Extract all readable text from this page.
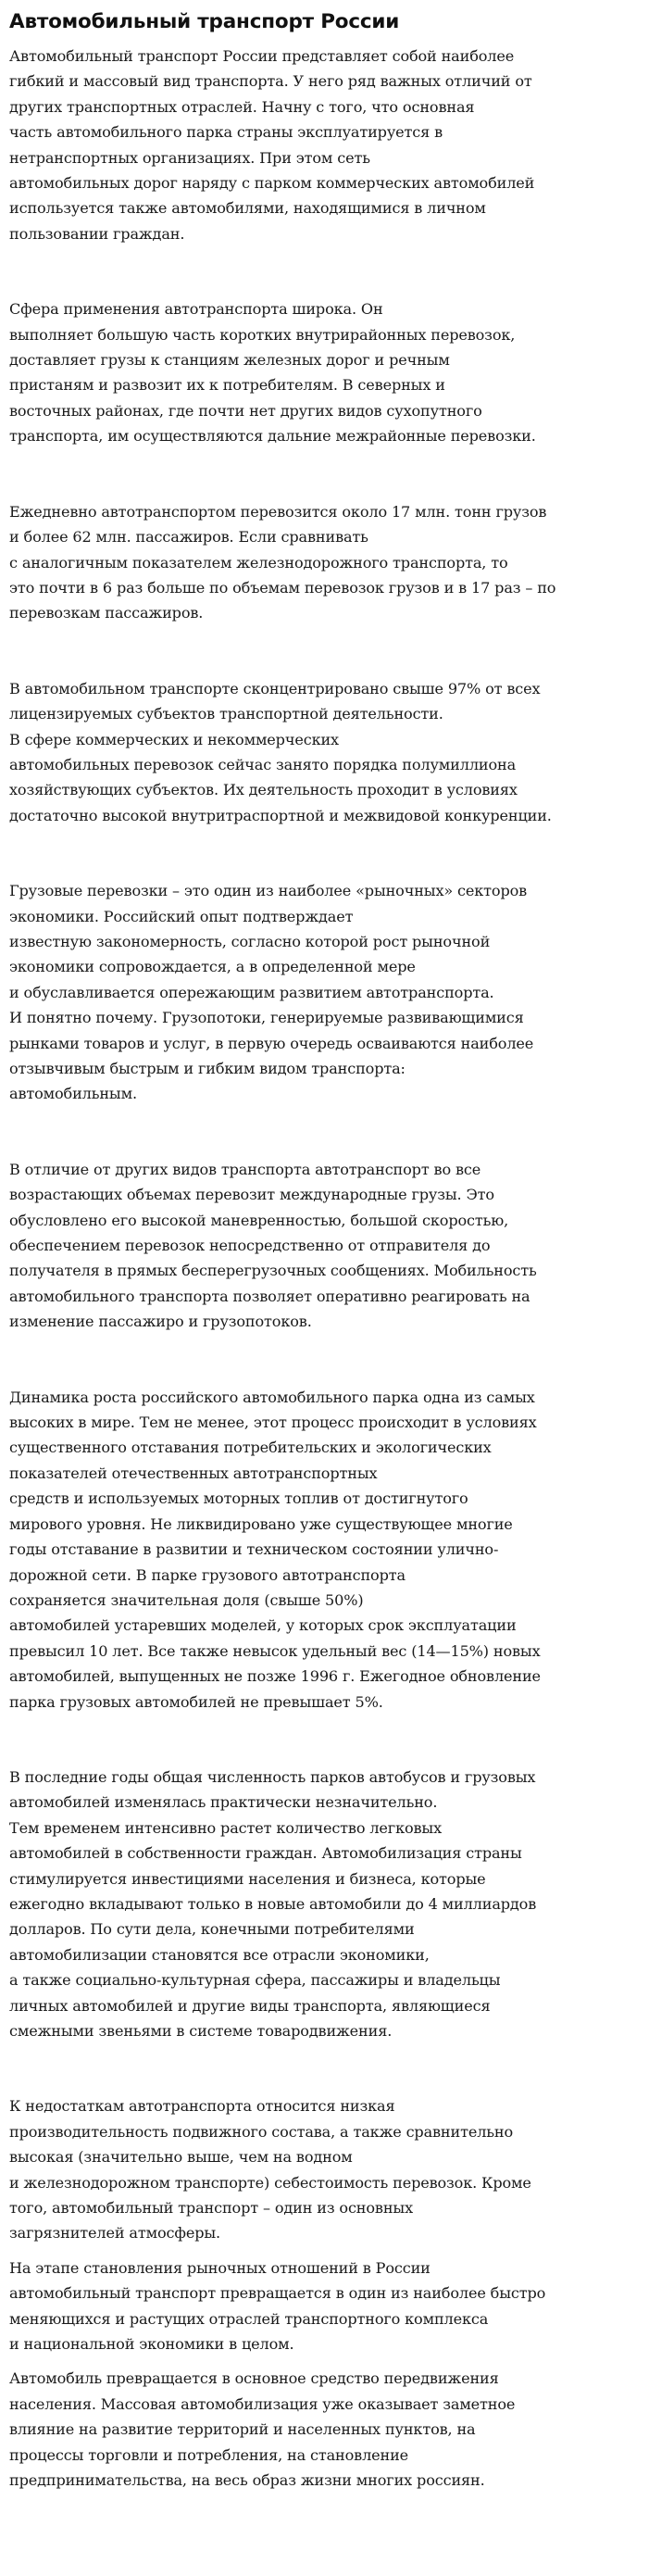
Автомобильный транспорт России

Автомобильный транспорт России представляет собой наиболее
гибкий и массовый вид транспорта. У него ряд важных отличий от
других транспортных отраслей. Начну с того, что основная
часть автомобильного парка страны эксплуатируется в
нетранспортных организациях. При этом сеть
автомобильных дорог наряду с парком коммерческих автомобилей
используется также автомобилями, находящимися в личном
пользовании граждан.

Сфера применения автотранспорта широка. Он
выполняет большую часть коротких внутрирайонных перевозок,
доставляет грузы к станциям железных дорог и речным
пристаням и развозит их к потребителям. В северных и
восточных районах, где почти нет других видов сухопутного
транспорта, им осуществляются дальние межрайонные перевозки.

Ежедневно автотранспортом перевозится около 17 млн. тонн грузов
и более 62 млн. пассажиров. Если сравнивать
с аналогичным показателем железнодорожного транспорта, то
это почти в 6 раз больше по объемам перевозок грузов и в 17 раз – по
перевозкам пассажиров.

В автомобильном транспорте сконцентрировано свыше 97% от всех
лицензируемых субъектов транспортной деятельности.
В сфере коммерческих и некоммерческих
автомобильных перевозок сейчас занято порядка полумиллиона
хозяйствующих субъектов. Их деятельность проходит в условиях
достаточно высокой внутритраспортной и межвидовой конкуренции.

Грузовые перевозки – это один из наиболее «рыночных» секторов
экономики. Российский опыт подтверждает
известную закономерность, согласно которой рост рыночной
экономики сопровождается, а в определенной мере
и обуславливается опережающим развитием автотранспорта.
И понятно почему. Грузопотоки, генерируемые развивающимися
рынками товаров и услуг, в первую очередь осваиваются наиболее
отзывчивым быстрым и гибким видом транспорта:
автомобильным.

В отличие от других видов транспорта автотранспорт во все
возрастающих объемах перевозит международные грузы. Это
обусловлено его высокой маневренностью, большой скоростью,
обеспечением перевозок непосредственно от отправителя до
получателя в прямых бесперегрузочных сообщениях. Мобильность
автомобильного транспорта позволяет оперативно реагировать на
изменение пассажиро и грузопотоков.

Динамика роста российского автомобильного парка одна из самых
высоких в мире. Тем не менее, этот процесс происходит в условиях
существенного отставания потребительских и экологических
показателей отечественных автотранспортных
средств и используемых моторных топлив от достигнутого
мирового уровня. Не ликвидировано уже существующее многие
годы отставание в развитии и техническом состоянии улично-
дорожной сети. В парке грузового автотранспорта
сохраняется значительная доля (свыше 50%)
автомобилей устаревших моделей, у которых срок эксплуатации
превысил 10 лет. Все также невысок удельный вес (14—15%) новых
автомобилей, выпущенных не позже 1996 г. Ежегодное обновление
парка грузовых автомобилей не превышает 5%.

В последние годы общая численность парков автобусов и грузовых
автомобилей изменялась практически незначительно.
Тем временем интенсивно растет количество легковых
автомобилей в собственности граждан. Автомобилизация страны
стимулируется инвестициями населения и бизнеса, которые
ежегодно вкладывают только в новые автомобили до 4 миллиардов
долларов. По сути дела, конечными потребителями
автомобилизации становятся все отрасли экономики,
а также социально-культурная сфера, пассажиры и владельцы
личных автомобилей и другие виды транспорта, являющиеся
смежными звеньями в системе товародвижения.

К недостаткам автотранспорта относится низкая
производительность подвижного состава, а также сравнительно
высокая (значительно выше, чем на водном
и железнодорожном транспорте) себестоимость перевозок. Кроме
того, автомобильный транспорт – один из основных
загрязнителей атмосферы.

На этапе становления рыночных отношений в России
автомобильный транспорт превращается в один из наиболее быстро
меняющихся и растущих отраслей транспортного комплекса
и национальной экономики в целом.

Автомобиль превращается в основное средство передвижения
населения. Массовая автомобилизация уже оказывает заметное
влияние на развитие территорий и населенных пунктов, на
процессы торговли и потребления, на становление
предпринимательства, на весь образ жизни многих россиян.
